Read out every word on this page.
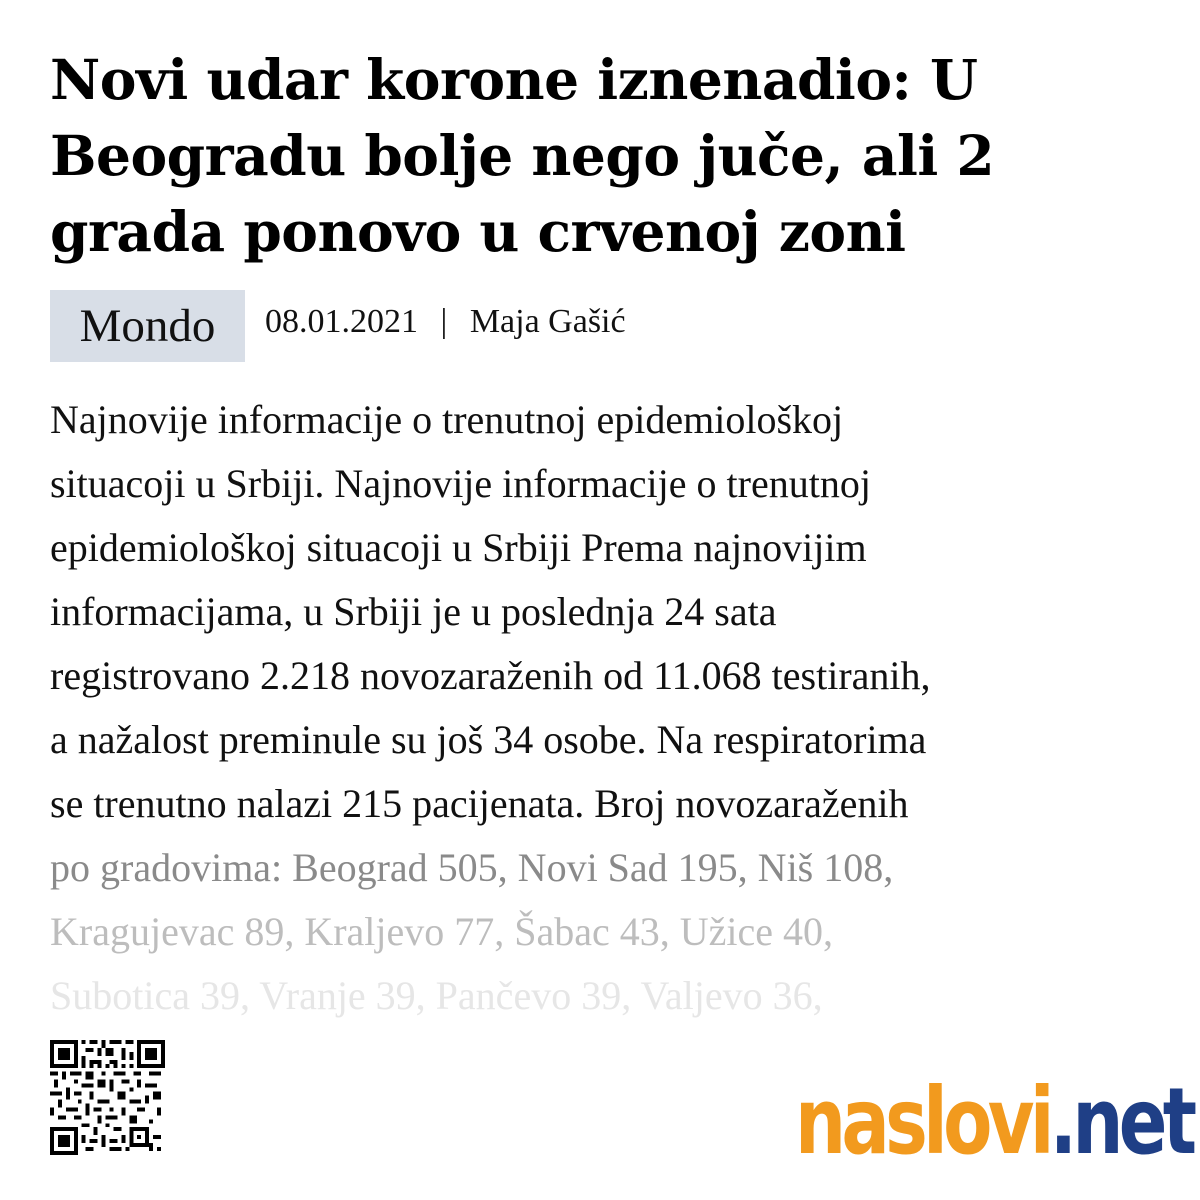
Novi udar korone iznenadio: U Beogradu bolje nego juče, ali 2 grada ponovo u crvenoj zoni
Mondo 08.01.2021 | Maja Gašić

Najnovije informacije o trenutnoj epidemiološkoj
situacoji u Srbiji. Najnovije informacije o trenutnoj
epidemiološkoj situacoji u Srbiji Prema najnovijim
informacijama, u Srbiji je u poslednja 24 sata
registrovano 2.218 novozaraženih od 11.068 testiranih,
a nažalost preminule su još 34 osobe. Na respiratorima
se trenutno nalazi 215 pacijenata. Broj novozaraženih
po gradovima: Beograd 505, Novi Sad 195, Niš 108,
Kragujevac 89, Kraljevo 77, Šabac 43, Užice 40,
Subotica 39, Vranje 39, Pančevo 39, Valjevo 36,

naslovi .net
